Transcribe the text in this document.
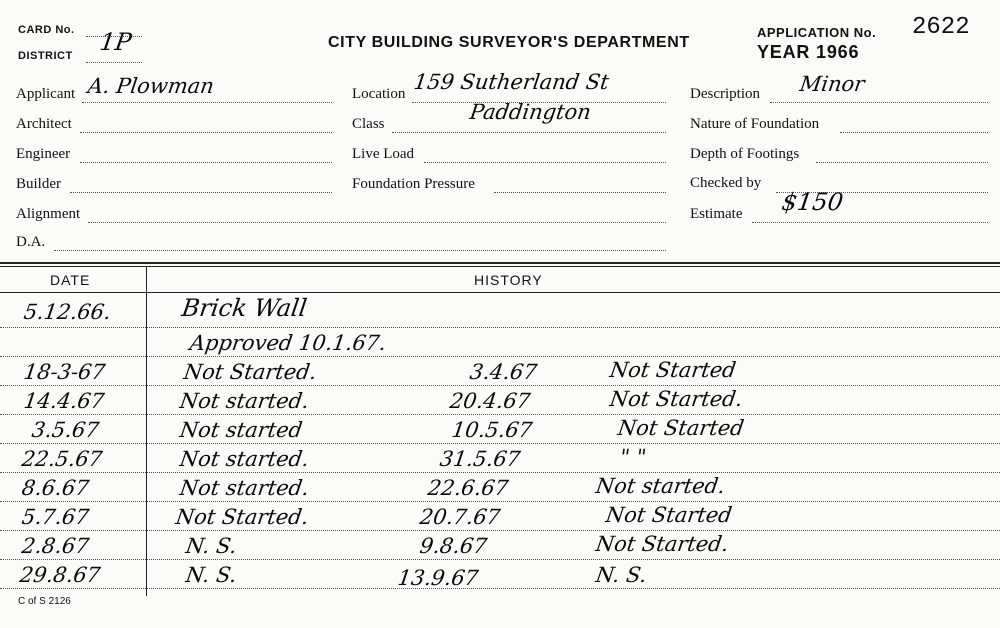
CARD No.
DISTRICT 1P	CITY BUILDING SURVEYOR'S DEPARTMENT
APPLICATION No. 2622
YEAR 1966
Applicant A. Plowman
Architect
Engineer
Builder
Alignment
D.A.
Location 159 Sutherland St
Class	Paddington
Live Load
Foundation Pressure
Description Minor
Nature of Foundation
Depth of Footings
Checked by
Estimate $150
DATE	HISTORY
5.12.66.	Brick Wall
Approved 10.1.67.
18-3-67	Not Started.	3.4.67	Not Started
14.4.67	Not started.	20.4.67	Not Started.
3.5.67	Not started	10.5.67	Not Started
22.5.67	Not started.	31.5.67	" "
8.6.67	Not started.	22.6.67	Not started.
5.7.67	Not Started.	20.7.67	Not Started
2.8.67	N. S.	9.8.67	Not Started.
29.8.67	N. S.	13.9.67	N. S.
C of S 2126
